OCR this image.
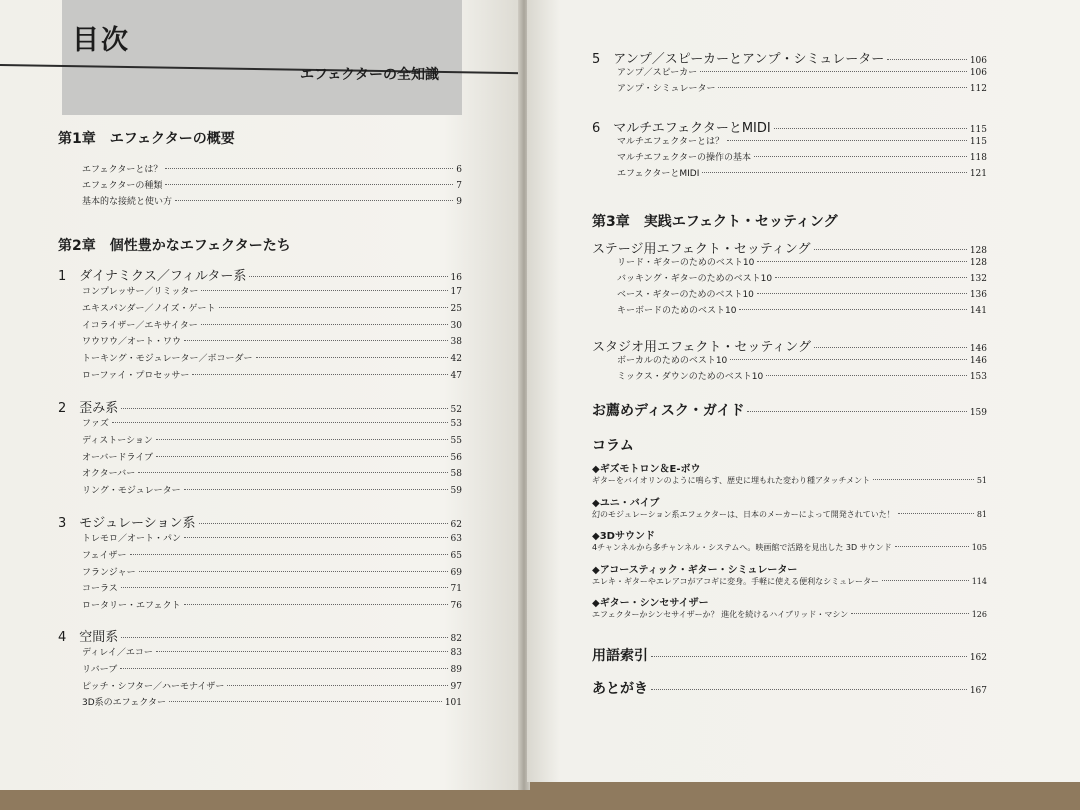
目次
エフェクターの全知識
第1章　エフェクターの概要
エフェクターとは？	6
エフェクターの種類	7
基本的な接続と使い方	9
第2章　個性豊かなエフェクターたち
1　ダイナミクス／フィルター系	16
コンプレッサー／リミッター	17
エキスパンダー／ノイズ・ゲート	25
イコライザー／エキサイター	30
ワウワウ／オート・ワウ	38
トーキング・モジュレーター／ボコーダー	42
ローファイ・プロセッサー	47
2　歪み系	52
ファズ	53
ディストーション	55
オーバードライブ	56
オクターバー	58
リング・モジュレーター	59
3　モジュレーション系	62
トレモロ／オート・パン	63
フェイザー	65
フランジャー	69
コーラス	71
ロータリー・エフェクト	76
4　空間系	82
ディレイ／エコー	83
リバーブ	89
ピッチ・シフター／ハーモナイザー	97
3D系のエフェクター	101
5　アンプ／スピーカーとアンプ・シミュレーター	106
アンプ／スピーカー	106
アンプ・シミュレーター	112
6　マルチエフェクターとMIDI	115
マルチエフェクターとは？	115
マルチエフェクターの操作の基本	118
エフェクターとMIDI	121
第3章　実践エフェクト・セッティング
ステージ用エフェクト・セッティング	128
リード・ギターのためのベスト10	128
バッキング・ギターのためのベスト10	132
ベース・ギターのためのベスト10	136
キーボードのためのベスト10	141
スタジオ用エフェクト・セッティング	146
ボーカルのためのベスト10	146
ミックス・ダウンのためのベスト10	153
お薦めディスク・ガイド	159
コラム
◆ギズモトロン＆E-ボウ
ギターをバイオリンのように鳴らす、歴史に埋もれた変わり種アタッチメント	51
◆ユニ・バイブ
幻のモジュレーション系エフェクターは、日本のメーカーによって開発されていた！	81
◆3Dサウンド
4チャンネルから多チャンネル・システムへ。映画館で活路を見出した 3D サウンド	105
◆アコースティック・ギター・シミュレーター
エレキ・ギターやエレアコがアコギに変身。手軽に使える便利なシミュレーター	114
◆ギター・シンセサイザー
エフェクターかシンセサイザーか？ 進化を続けるハイブリッド・マシン	126
用語索引	162
あとがき	167
